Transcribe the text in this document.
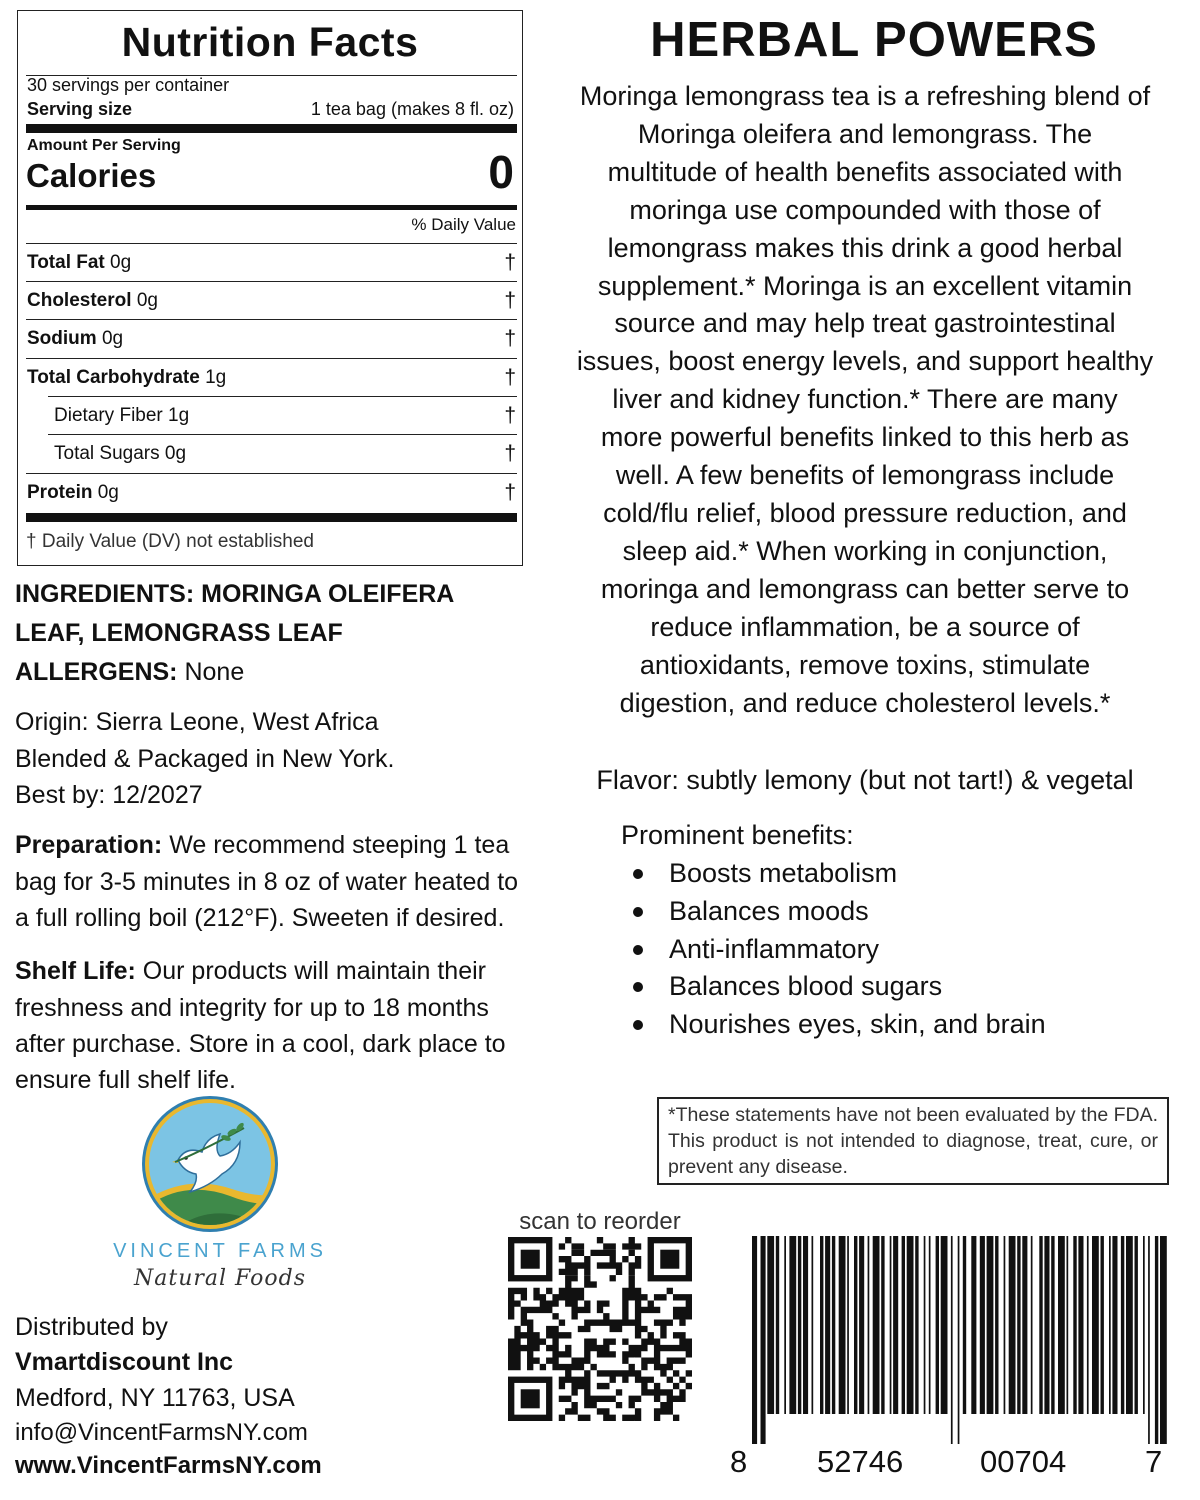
Nutrition Facts
30 servings per container
Serving size	1 tea bag (makes 8 fl. oz)
Amount Per Serving
Calories	0
% Daily Value
Total Fat 0g	†
Cholesterol 0g	†
Sodium 0g	†
Total Carbohydrate 1g	†
Dietary Fiber 1g	†
Total Sugars 0g	†
Protein 0g	†
† Daily Value (DV) not established
INGREDIENTS: MORINGA OLEIFERA
LEAF, LEMONGRASS LEAF
ALLERGENS: None
Origin: Sierra Leone, West Africa
Blended & Packaged in New York.
Best by: 12/2027
Preparation: We recommend steeping 1 tea
bag for 3-5 minutes in 8 oz of water heated to
a full rolling boil (212°F). Sweeten if desired.
Shelf Life: Our products will maintain their
freshness and integrity for up to 18 months
after purchase. Store in a cool, dark place to
ensure full shelf life.
HERBAL POWERS
Moringa lemongrass tea is a refreshing blend of
Moringa oleifera and lemongrass. The
multitude of health benefits associated with
moringa use compounded with those of
lemongrass makes this drink a good herbal
supplement.* Moringa is an excellent vitamin
source and may help treat gastrointestinal
issues, boost energy levels, and support healthy
liver and kidney function.* There are many
more powerful benefits linked to this herb as
well. A few benefits of lemongrass include
cold/flu relief, blood pressure reduction, and
sleep aid.* When working in conjunction,
moringa and lemongrass can better serve to
reduce inflammation, be a source of
antioxidants, remove toxins, stimulate
digestion, and reduce cholesterol levels.*
Flavor: subtly lemony (but not tart!) & vegetal
Prominent benefits:
Boosts metabolism
Balances moods
Anti-inflammatory
Balances blood sugars
Nourishes eyes, skin, and brain
*These statements have not been evaluated by the FDA. This product is not intended to diagnose, treat, cure, or prevent any disease.
VINCENT FARMS
Natural Foods
Distributed by
Vmartdiscount Inc
Medford, NY 11763, USA
info@VincentFarmsNY.com
www.VincentFarmsNY.com
scan to reorder
8 52746 00704	7
